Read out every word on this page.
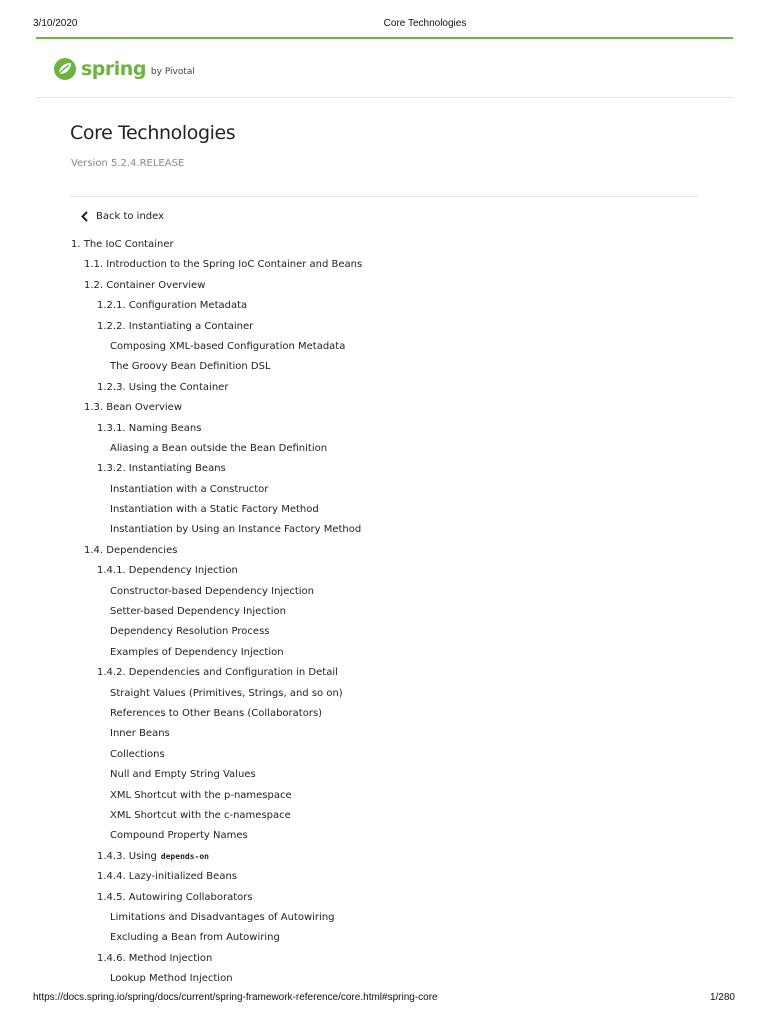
3/10/2020	Core Technologies
spring by Pivotal
Core Technologies
Version 5.2.4.RELEASE
Back to index
1. The IoC Container
1.1. Introduction to the Spring IoC Container and Beans
1.2. Container Overview
1.2.1. Configuration Metadata
1.2.2. Instantiating a Container
Composing XML-based Configuration Metadata
The Groovy Bean Definition DSL
1.2.3. Using the Container
1.3. Bean Overview
1.3.1. Naming Beans
Aliasing a Bean outside the Bean Definition
1.3.2. Instantiating Beans
Instantiation with a Constructor
Instantiation with a Static Factory Method
Instantiation by Using an Instance Factory Method
1.4. Dependencies
1.4.1. Dependency Injection
Constructor-based Dependency Injection
Setter-based Dependency Injection
Dependency Resolution Process
Examples of Dependency Injection
1.4.2. Dependencies and Configuration in Detail
Straight Values (Primitives, Strings, and so on)
References to Other Beans (Collaborators)
Inner Beans
Collections
Null and Empty String Values
XML Shortcut with the p-namespace
XML Shortcut with the c-namespace
Compound Property Names
1.4.3. Using depends-on
1.4.4. Lazy-initialized Beans
1.4.5. Autowiring Collaborators
Limitations and Disadvantages of Autowiring
Excluding a Bean from Autowiring
1.4.6. Method Injection
Lookup Method Injection
https://docs.spring.io/spring/docs/current/spring-framework-reference/core.html#spring-core	1/280
